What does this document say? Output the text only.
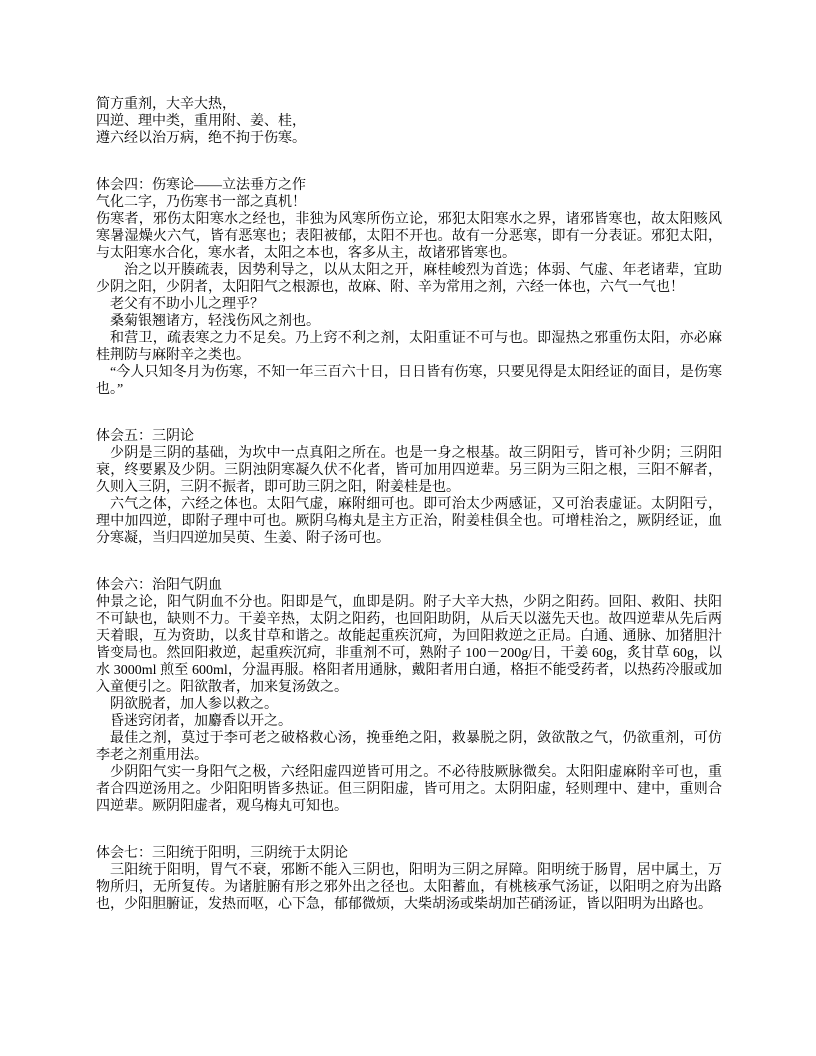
简方重剂，大辛大热，
四逆、理中类，重用附、姜、桂，
遵六经以治万病，绝不拘于伤寒。
体会四：伤寒论——立法垂方之作
气化二字，乃伤寒书一部之真机！
伤寒者，邪伤太阳寒水之经也，非独为风寒所伤立论，邪犯太阳寒水之界，诸邪皆寒也，故太阳赅风寒暑湿燥火六气，皆有恶寒也；表阳被郁，太阳不开也。故有一分恶寒，即有一分表证。邪犯太阳，与太阳寒水合化，寒水者，太阳之本也，客多从主，故诸邪皆寒也。
治之以开腠疏表，因势利导之，以从太阳之开，麻桂峻烈为首选；体弱、气虚、年老诸辈，宜助少阴之阳，少阴者，太阳阳气之根源也，故麻、附、辛为常用之剂，六经一体也，六气一气也！
老父有不助小儿之理乎？
桑菊银翘诸方，轻浅伤风之剂也。
和营卫，疏表寒之力不足矣。乃上窍不利之剂，太阳重证不可与也。即湿热之邪重伤太阳，亦必麻桂荆防与麻附辛之类也。
“今人只知冬月为伤寒，不知一年三百六十日，日日皆有伤寒，只要见得是太阳经证的面目，是伤寒也。”
体会五：三阴论
少阴是三阴的基础，为坎中一点真阳之所在。也是一身之根基。故三阴阳亏，皆可补少阴；三阴阳衰，终要累及少阴。三阴浊阴寒凝久伏不化者，皆可加用四逆辈。另三阴为三阳之根，三阳不解者，久则入三阴，三阴不振者，即可助三阴之阳，附姜桂是也。
六气之体，六经之体也。太阳气虚，麻附细可也。即可治太少两感证，又可治表虚证。太阴阳亏，理中加四逆，即附子理中可也。厥阴乌梅丸是主方正治，附姜桂俱全也。可增桂治之，厥阴经证，血分寒凝，当归四逆加吴萸、生姜、附子汤可也。
体会六：治阳气阴血
仲景之论，阳气阴血不分也。阳即是气，血即是阴。附子大辛大热，少阴之阳药。回阳、救阳、扶阳不可缺也，缺则不力。干姜辛热，太阴之阳药，也回阳助阴，从后天以滋先天也。故四逆辈从先后两天着眼，互为资助，以炙甘草和谐之。故能起重疾沉疴，为回阳救逆之正局。白通、通脉、加猪胆汁皆变局也。然回阳救逆，起重疾沉疴，非重剂不可，熟附子 100－200g/日，干姜 60g，炙甘草 60g，以水 3000ml 煎至 600ml，分温再服。格阳者用通脉，戴阳者用白通，格拒不能受药者，以热药冷服或加入童便引之。阳欲散者，加来复汤敛之。
阴欲脱者，加人参以救之。
昏迷窍闭者，加麝香以开之。
最佳之剂，莫过于李可老之破格救心汤，挽垂绝之阳，救暴脱之阴，敛欲散之气，仍欲重剂，可仿李老之剂重用法。
少阴阳气实一身阳气之极，六经阳虚四逆皆可用之。不必待肢厥脉微矣。太阳阳虚麻附辛可也，重者合四逆汤用之。少阳阳明皆多热证。但三阴阳虚，皆可用之。太阴阳虚，轻则理中、建中，重则合四逆辈。厥阴阳虚者，观乌梅丸可知也。
体会七：三阳统于阳明，三阴统于太阴论
三阳统于阳明，胃气不衰，邪断不能入三阴也，阳明为三阴之屏障。阳明统于肠胃，居中属土，万物所归，无所复传。为诸脏腑有形之邪外出之径也。太阳蓄血，有桃核承气汤证，以阳明之府为出路也，少阳胆腑证，发热而呕，心下急，郁郁微烦，大柴胡汤或柴胡加芒硝汤证，皆以阳明为出路也。
